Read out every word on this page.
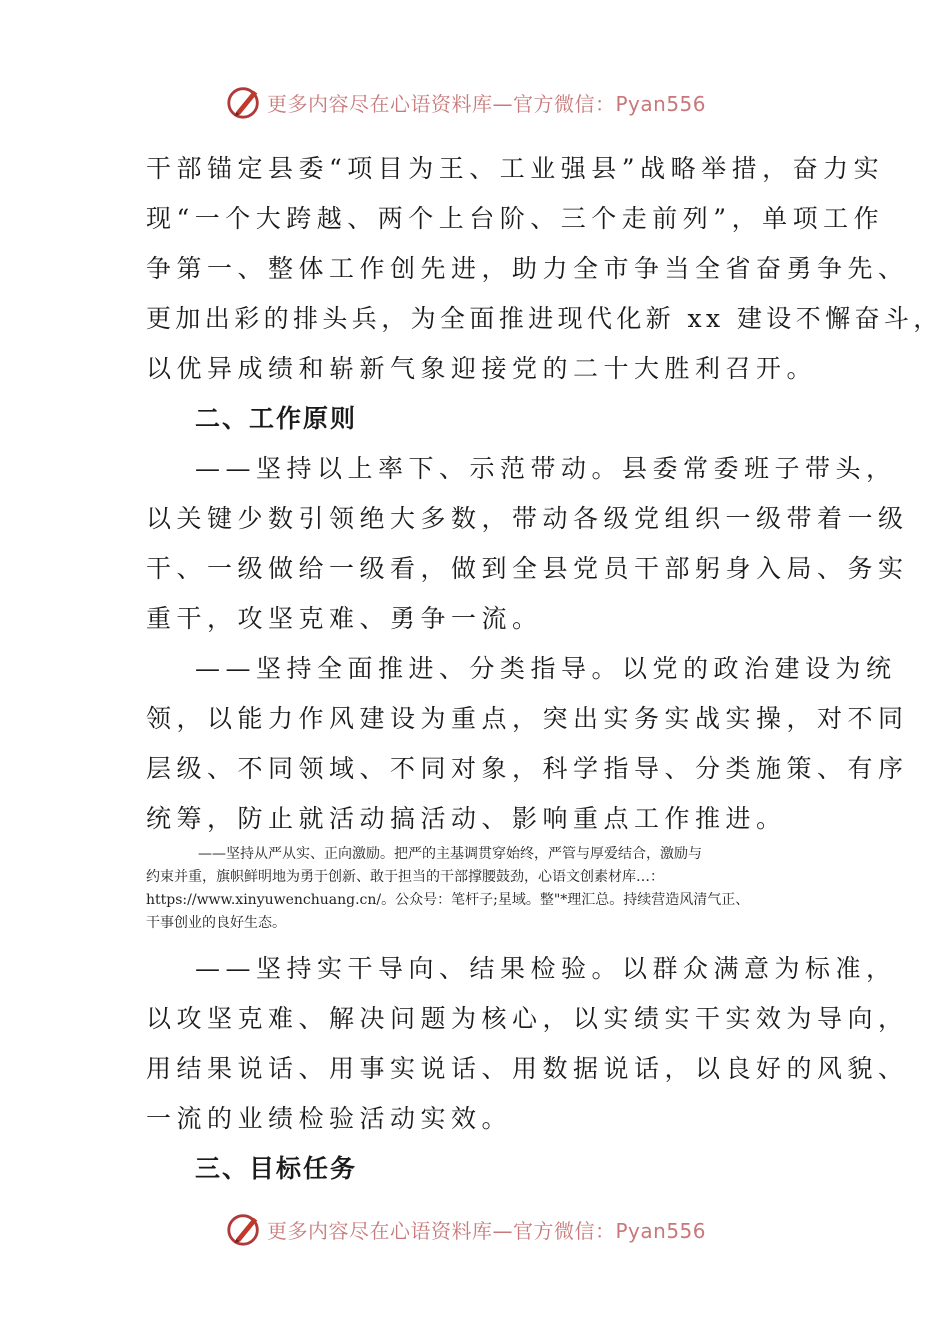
更多内容尽在心语资料库—官方微信：Pyan556

干部锚定县委“项目为王、工业强县”战略举措，奋力实

现“一个大跨越、两个上台阶、三个走前列”，单项工作

争第一、整体工作创先进，助力全市争当全省奋勇争先、

更加出彩的排头兵，为全面推进现代化新 xx 建设不懈奋斗，

以优异成绩和崭新气象迎接党的二十大胜利召开。

二、工作原则

——坚持以上率下、示范带动。县委常委班子带头，

以关键少数引领绝大多数，带动各级党组织一级带着一级

干、一级做给一级看，做到全县党员干部躬身入局、务实

重干，攻坚克难、勇争一流。

——坚持全面推进、分类指导。以党的政治建设为统

领，以能力作风建设为重点，突出实务实战实操，对不同

层级、不同领域、不同对象，科学指导、分类施策、有序

统筹，防止就活动搞活动、影响重点工作推进。

——坚持从严从实、正向激励。把严的主基调贯穿始终，严管与厚爱结合，激励与

约束并重，旗帜鲜明地为勇于创新、敢于担当的干部撑腰鼓劲，心语文创素材库…：

https://www.xinyuwenchuang.cn/。公众号：笔杆子;星域。整"*理汇总。持续营造风清气正、

干事创业的良好生态。

——坚持实干导向、结果检验。以群众满意为标准，

以攻坚克难、解决问题为核心，以实绩实干实效为导向，

用结果说话、用事实说话、用数据说话，以良好的风貌、

一流的业绩检验活动实效。

三、目标任务

更多内容尽在心语资料库—官方微信：Pyan556
